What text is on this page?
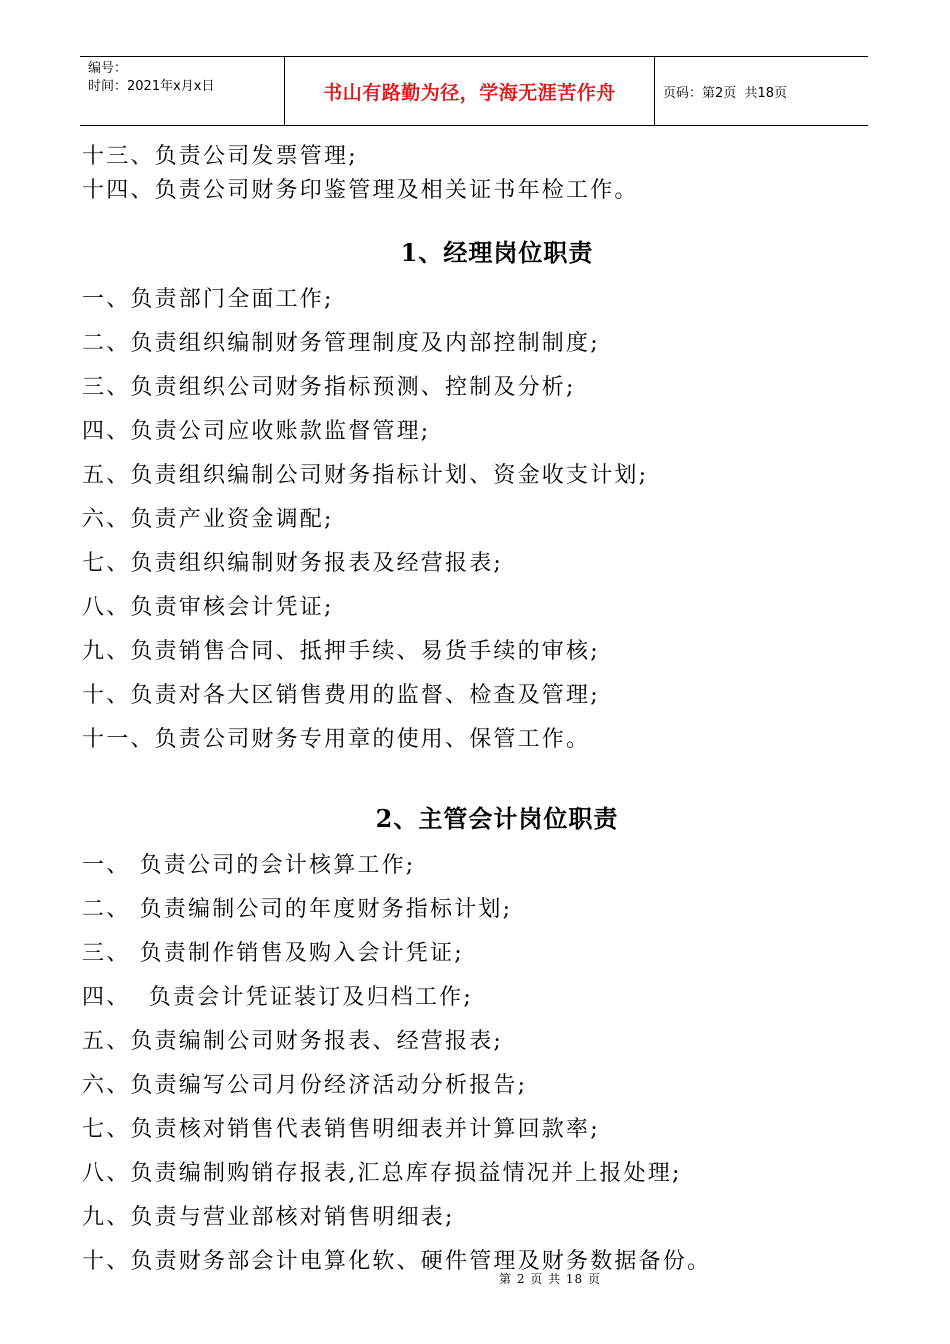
编号：
时间：2021年x月x日	书山有路勤为径，学海无涯苦作舟	页码：第2页  共18页
十三、负责公司发票管理;
十四、负责公司财务印鉴管理及相关证书年检工作。
1、经理岗位职责
一、负责部门全面工作;
二、负责组织编制财务管理制度及内部控制制度;
三、负责组织公司财务指标预测、控制及分析;
四、负责公司应收账款监督管理;
五、负责组织编制公司财务指标计划、资金收支计划;
六、负责产业资金调配;
七、负责组织编制财务报表及经营报表;
八、负责审核会计凭证;
九、负责销售合同、抵押手续、易货手续的审核;
十、负责对各大区销售费用的监督、检查及管理;
十一、负责公司财务专用章的使用、保管工作。
2、主管会计岗位职责
一、 负责公司的会计核算工作;
二、 负责编制公司的年度财务指标计划;
三、 负责制作销售及购入会计凭证;
四、  负责会计凭证装订及归档工作;
五、负责编制公司财务报表、经营报表;
六、负责编写公司月份经济活动分析报告;
七、负责核对销售代表销售明细表并计算回款率;
八、负责编制购销存报表,汇总库存损益情况并上报处理;
九、负责与营业部核对销售明细表;
十、负责财务部会计电算化软、硬件管理及财务数据备份。
第 2 页 共 18 页
